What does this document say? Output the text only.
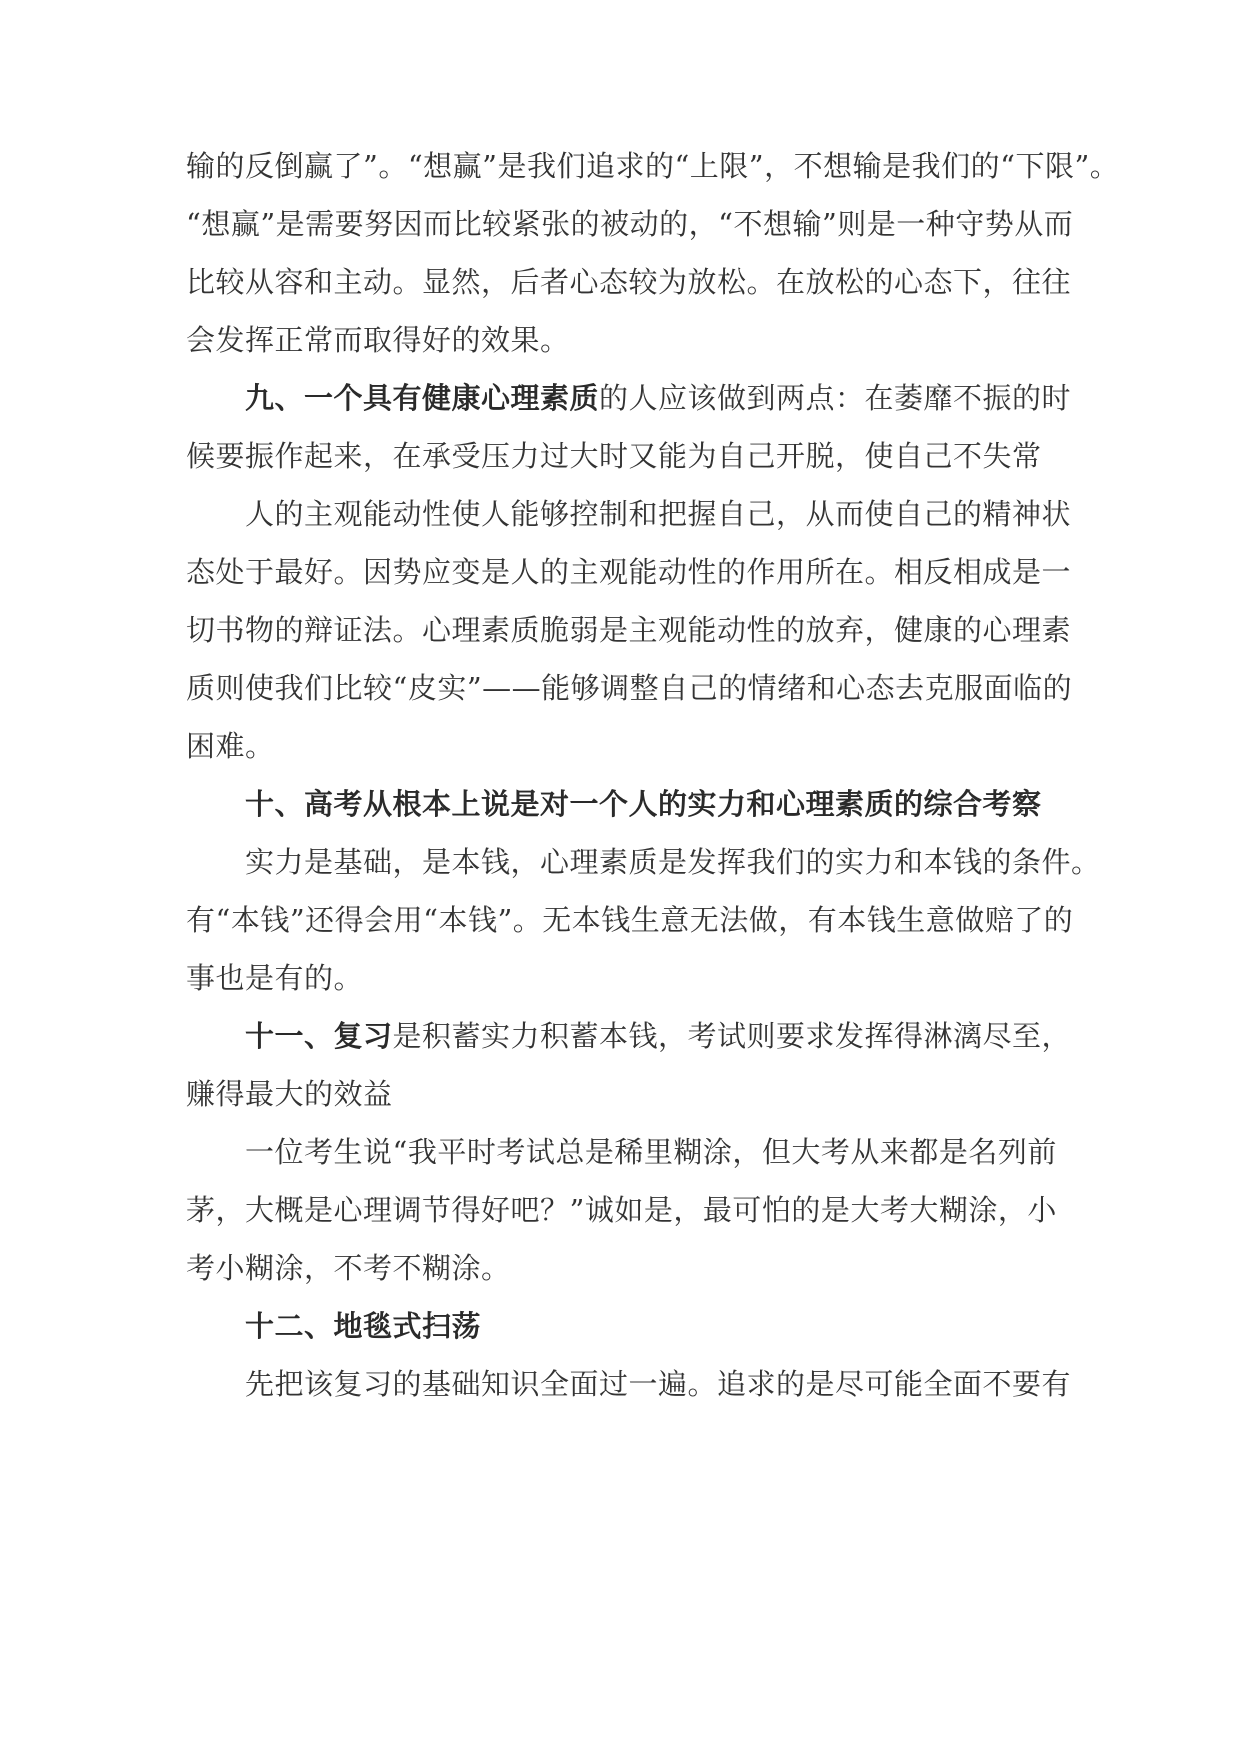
输的反倒赢了”。“想赢”是我们追求的“上限”，不想输是我们的“下限”。
“想赢”是需要努因而比较紧张的被动的，“不想输”则是一种守势从而
比较从容和主动。显然，后者心态较为放松。在放松的心态下，往往
会发挥正常而取得好的效果。
九、一个具有健康心理素质的人应该做到两点：在萎靡不振的时
候要振作起来，在承受压力过大时又能为自己开脱，使自己不失常
人的主观能动性使人能够控制和把握自己，从而使自己的精神状
态处于最好。因势应变是人的主观能动性的作用所在。相反相成是一
切书物的辩证法。心理素质脆弱是主观能动性的放弃，健康的心理素
质则使我们比较“皮实”——能够调整自己的情绪和心态去克服面临的
困难。
十、高考从根本上说是对一个人的实力和心理素质的综合考察
实力是基础，是本钱，心理素质是发挥我们的实力和本钱的条件。
有“本钱”还得会用“本钱”。无本钱生意无法做，有本钱生意做赔了的
事也是有的。
十一、复习是积蓄实力积蓄本钱，考试则要求发挥得淋漓尽至，
赚得最大的效益
一位考生说“我平时考试总是稀里糊涂，但大考从来都是名列前
茅，大概是心理调节得好吧？”诚如是，最可怕的是大考大糊涂，小
考小糊涂，不考不糊涂。
十二、地毯式扫荡
先把该复习的基础知识全面过一遍。追求的是尽可能全面不要有
